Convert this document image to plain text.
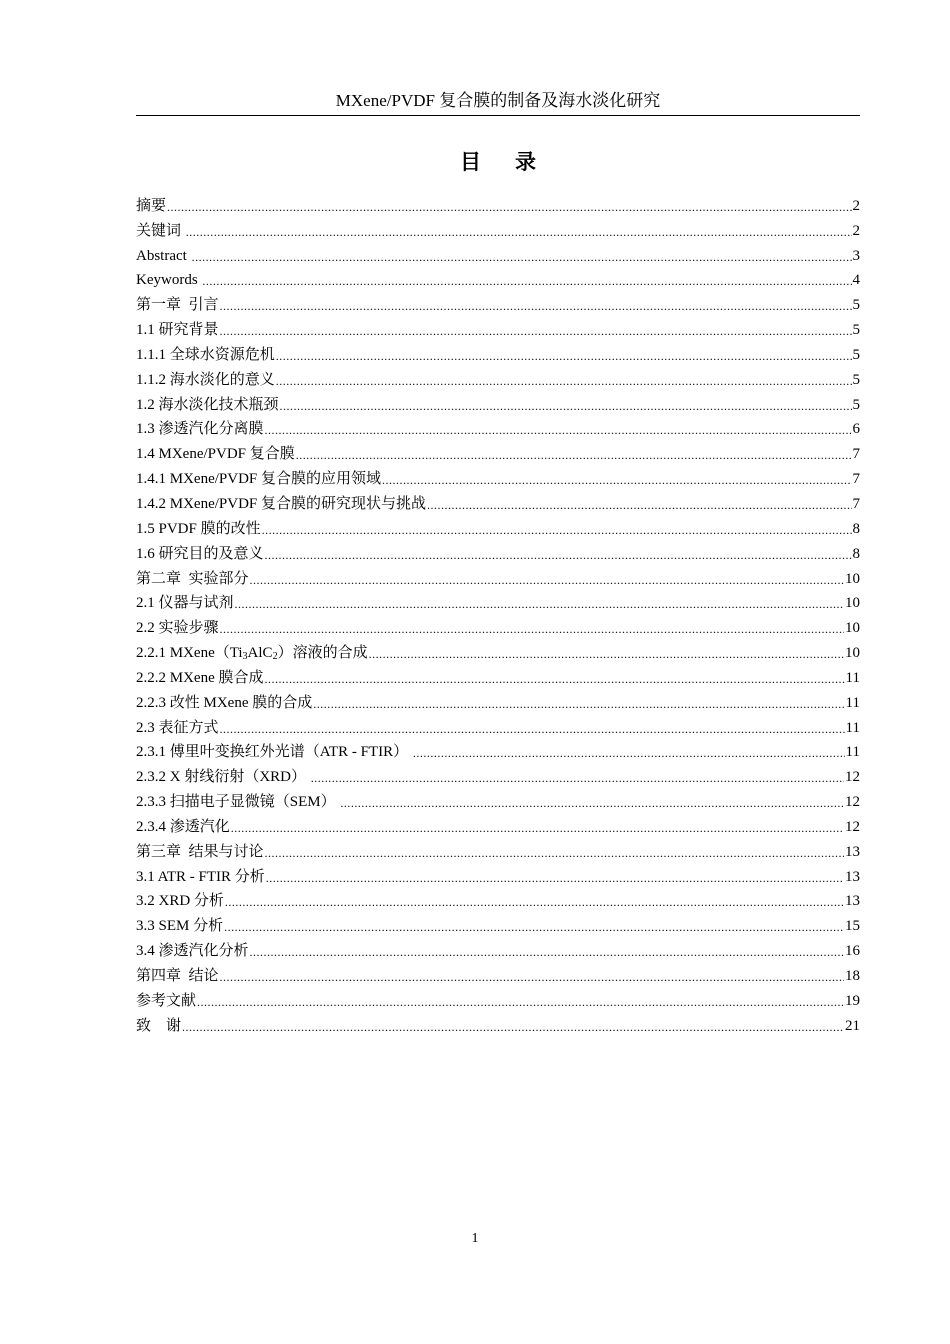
MXene/PVDF 复合膜的制备及海水淡化研究
目录
摘要 .....	2
关键词 .....	2
Abstract .....	3
Keywords .....	4
第一章  引言 .....	5
1.1 研究背景 .....	5
1.1.1 全球水资源危机 .....	5
1.1.2 海水淡化的意义 .....	5
1.2 海水淡化技术瓶颈 .....	5
1.3 渗透汽化分离膜 .....	6
1.4 MXene/PVDF 复合膜 .....	7
1.4.1 MXene/PVDF 复合膜的应用领域 .....	7
1.4.2 MXene/PVDF 复合膜的研究现状与挑战 .....	7
1.5 PVDF 膜的改性 .....	8
1.6 研究目的及意义 .....	8
第二章  实验部分 .....	10
2.1 仪器与试剂 .....	10
2.2 实验步骤 .....	10
2.2.1 $MXene(Ti_3AlC_2)$溶液的合成 .....	10
2.2.2 MXene 膜合成 .....	11
2.2.3 改性 MXene 膜的合成 .....	11
2.3 表征方式 .....	11
2.3.1 傅里叶变换红外光谱（ATR - FTIR） .....	11
2.3.2 X 射线衍射（XRD） .....	12
2.3.3 扫描电子显微镜（SEM） .....	12
2.3.4 渗透汽化 .....	12
第三章  结果与讨论 .....	13
3.1 ATR - FTIR 分析 .....	13
3.2 XRD 分析 .....	13
3.3 SEM 分析 .....	15
3.4 渗透汽化分析 .....	16
第四章  结论 .....	18
参考文献 .....	19
致    谢 .....	21
1
